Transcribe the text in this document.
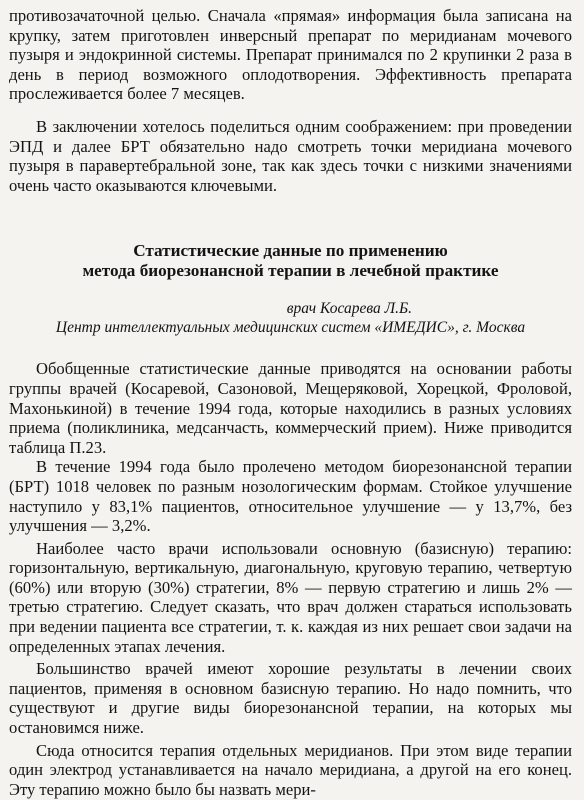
противозачаточной целью. Сначала «прямая» информация была записана на крупку, затем приготовлен инверсный препарат по меридианам мочевого пузыря и эндокринной системы. Препарат принимался по 2 крупинки 2 раза в день в период возможного оплодотворения. Эффективность препарата прослеживается более 7 месяцев.

В заключении хотелось поделиться одним соображением: при проведении ЭПД и далее БРТ обязательно надо смотреть точки меридиана мочевого пузыря в паравертебральной зоне, так как здесь точки с низкими значениями очень часто оказываются ключевыми.

Статистические данные по применению
метода биорезонансной терапии в лечебной практике
врач Косарева Л.Б.
Центр интеллектуальных медицинских систем «ИМЕДИС», г. Москва

Обобщенные статистические данные приводятся на основании работы группы врачей (Косаревой, Сазоновой, Мещеряковой, Хорецкой, Фроловой, Махонькиной) в течение 1994 года, которые находились в разных условиях приема (поликлиника, медсанчасть, коммерческий прием). Ниже приводится таблица П.23.

В течение 1994 года было пролечено методом биорезонансной терапии (БРТ) 1018 человек по разным нозологическим формам. Стойкое улучшение наступило у 83,1% пациентов, относительное улучшение — у 13,7%, без улучшения — 3,2%.

Наиболее часто врачи использовали основную (базисную) терапию: горизонтальную, вертикальную, диагональную, круговую терапию, четвертую (60%) или вторую (30%) стратегии, 8% — первую стратегию и лишь 2% — третью стратегию. Следует сказать, что врач должен стараться использовать при ведении пациента все стратегии, т. к. каждая из них решает свои задачи на определенных этапах лечения.

Большинство врачей имеют хорошие результаты в лечении своих пациентов, применяя в основном базисную терапию. Но надо помнить, что существуют и другие виды биорезонансной терапии, на которых мы остановимся ниже.

Сюда относится терапия отдельных меридианов. При этом виде терапии один электрод устанавливается на начало меридиана, а другой на его конец. Эту терапию можно было бы назвать мери-
